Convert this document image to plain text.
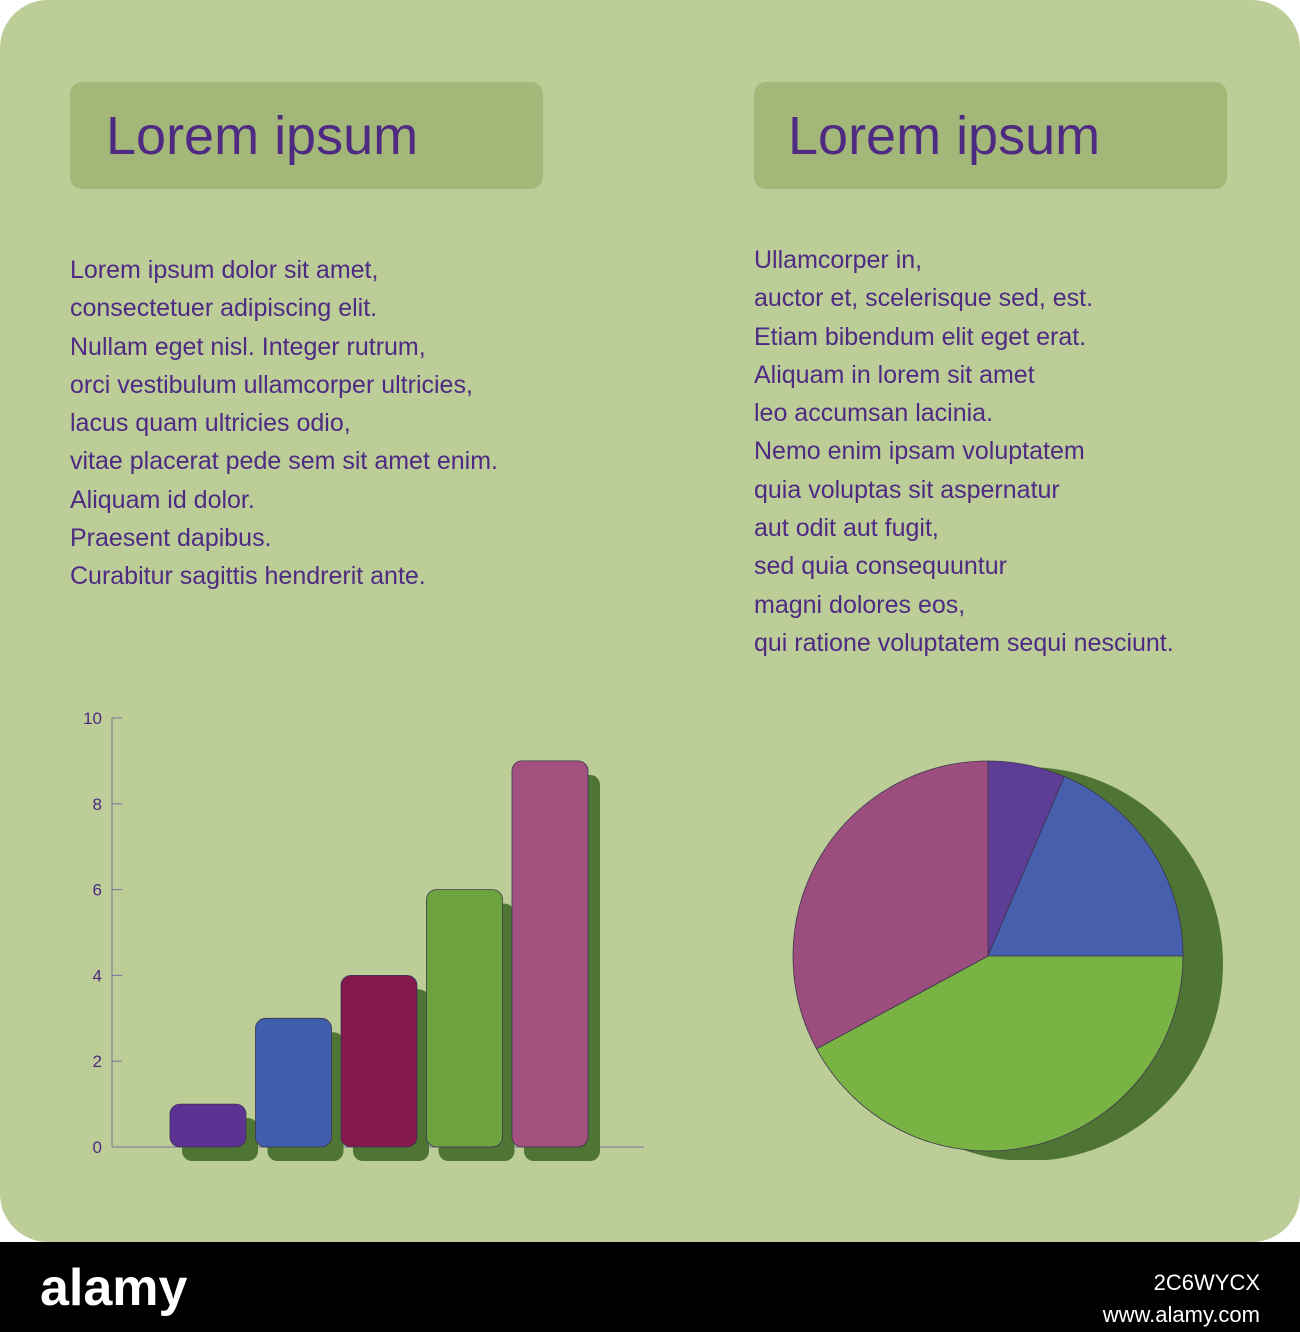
Lorem ipsum	Lorem ipsum
Lorem ipsum dolor sit amet,
consectetuer adipiscing elit.
Nullam eget nisl. Integer rutrum,
orci vestibulum ullamcorper ultricies,
lacus quam ultricies odio,
vitae placerat pede sem sit amet enim.
Aliquam id dolor.
Praesent dapibus.
Curabitur sagittis hendrerit ante.
Ullamcorper in,
auctor et, scelerisque sed, est.
Etiam bibendum elit eget erat.
Aliquam in lorem sit amet
leo accumsan lacinia.
Nemo enim ipsam voluptatem
quia voluptas sit aspernatur
aut odit aut fugit,
sed quia consequuntur
magni dolores eos,
qui ratione voluptatem sequi nesciunt.
0
2
4
6
8
10
alamy	2C6WYCX
www.alamy.com
